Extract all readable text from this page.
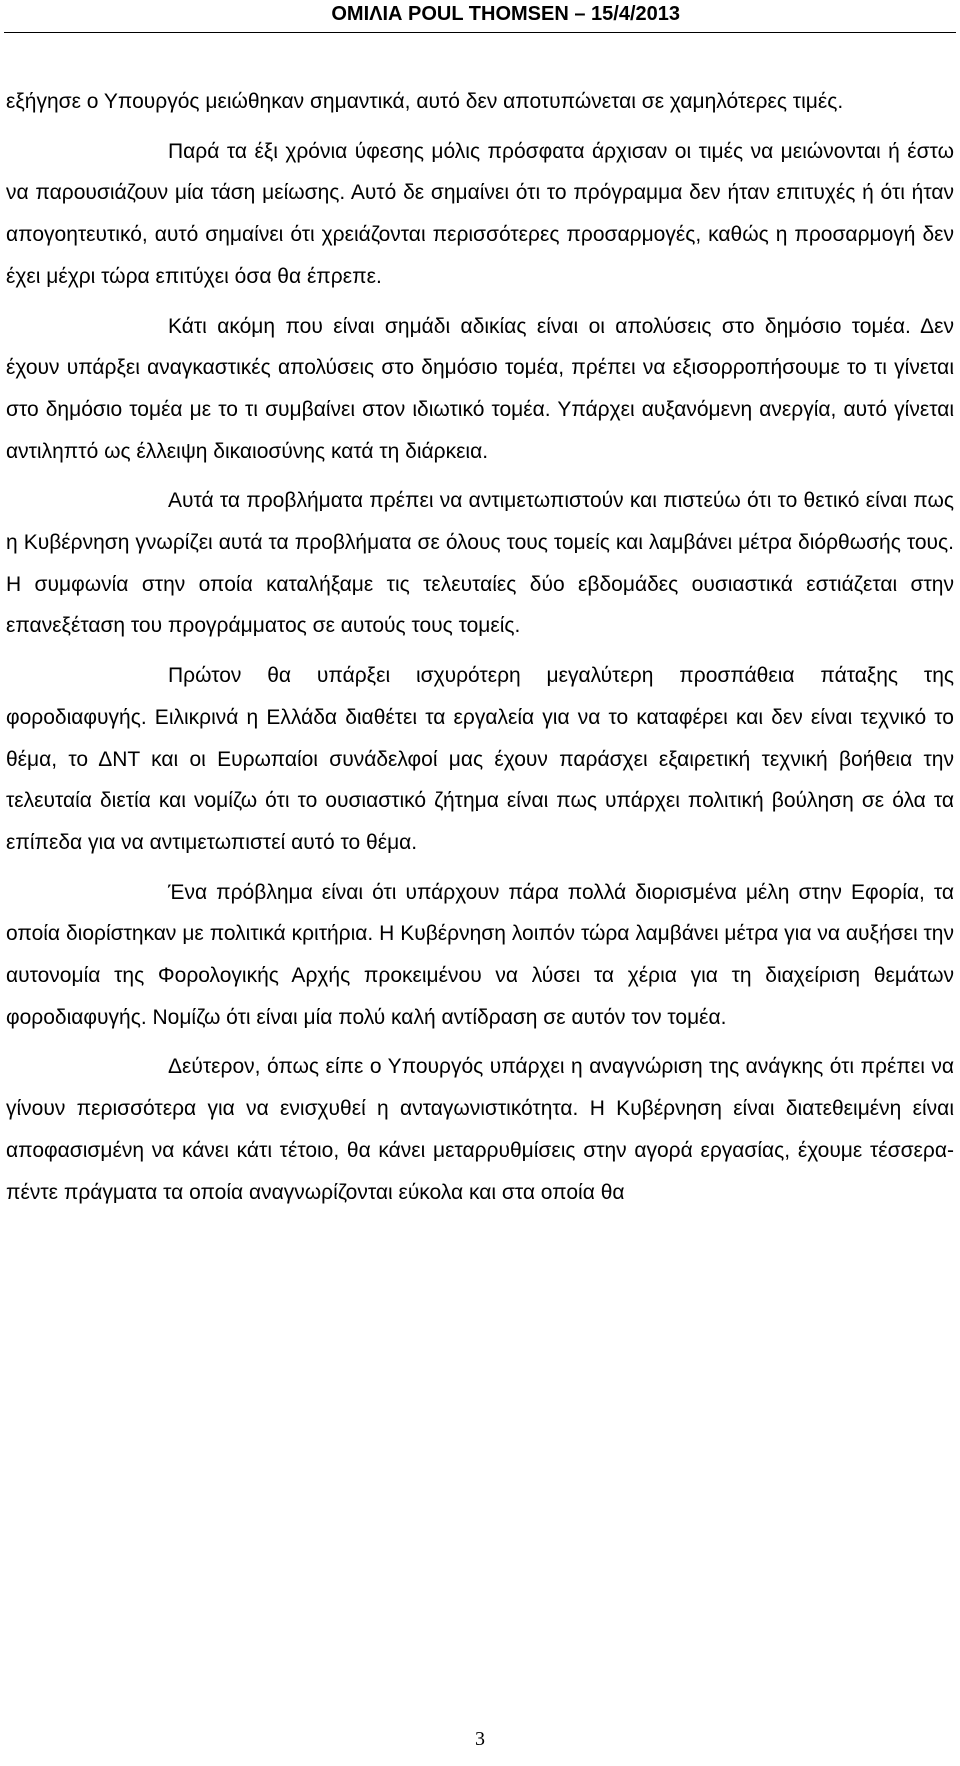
ΟΜΙΛΙΑ POUL THOMSEN – 15/4/2013

εξήγησε ο Υπουργός μειώθηκαν σημαντικά, αυτό δεν αποτυπώνεται σε χαμηλότερες τιμές.

Παρά τα έξι χρόνια ύφεσης μόλις πρόσφατα άρχισαν οι τιμές να μειώνονται ή έστω να παρουσιάζουν μία τάση μείωσης. Αυτό δε σημαίνει ότι το πρόγραμμα δεν ήταν επιτυχές ή ότι ήταν απογοητευτικό, αυτό σημαίνει ότι χρειάζονται περισσότερες προσαρμογές, καθώς η προσαρμογή δεν έχει μέχρι τώρα επιτύχει όσα θα έπρεπε.

Κάτι ακόμη που είναι σημάδι αδικίας είναι οι απολύσεις στο δημόσιο τομέα. Δεν έχουν υπάρξει αναγκαστικές απολύσεις στο δημόσιο τομέα, πρέπει να εξισορροπήσουμε το τι γίνεται στο δημόσιο τομέα με το τι συμβαίνει στον ιδιωτικό τομέα. Υπάρχει αυξανόμενη ανεργία, αυτό γίνεται αντιληπτό ως έλλειψη δικαιοσύνης κατά τη διάρκεια.

Αυτά τα προβλήματα πρέπει να αντιμετωπιστούν και πιστεύω ότι το θετικό είναι πως η Κυβέρνηση γνωρίζει αυτά τα προβλήματα σε όλους τους τομείς και λαμβάνει μέτρα διόρθωσής τους. Η συμφωνία στην οποία καταλήξαμε τις τελευταίες δύο εβδομάδες ουσιαστικά εστιάζεται στην επανεξέταση του προγράμματος σε αυτούς τους τομείς.

Πρώτον θα υπάρξει ισχυρότερη μεγαλύτερη προσπάθεια πάταξης της φοροδιαφυγής. Ειλικρινά η Ελλάδα διαθέτει τα εργαλεία για να το καταφέρει και δεν είναι τεχνικό το θέμα, το ΔΝΤ και οι Ευρωπαίοι συνάδελφοί μας έχουν παράσχει εξαιρετική τεχνική βοήθεια την τελευταία διετία και νομίζω ότι το ουσιαστικό ζήτημα είναι πως υπάρχει πολιτική βούληση σε όλα τα επίπεδα για να αντιμετωπιστεί αυτό το θέμα.

Ένα πρόβλημα είναι ότι υπάρχουν πάρα πολλά διορισμένα μέλη στην Εφορία, τα οποία διορίστηκαν με πολιτικά κριτήρια. Η Κυβέρνηση λοιπόν τώρα λαμβάνει μέτρα για να αυξήσει την αυτονομία της Φορολογικής Αρχής προκειμένου να λύσει τα χέρια για τη διαχείριση θεμάτων φοροδιαφυγής. Νομίζω ότι είναι μία πολύ καλή αντίδραση σε αυτόν τον τομέα.

Δεύτερον, όπως είπε ο Υπουργός υπάρχει η αναγνώριση της ανάγκης ότι πρέπει να γίνουν περισσότερα για να ενισχυθεί η ανταγωνιστικότητα. Η Κυβέρνηση είναι διατεθειμένη είναι αποφασισμένη να κάνει κάτι τέτοιο, θα κάνει μεταρρυθμίσεις στην αγορά εργασίας, έχουμε τέσσερα-πέντε πράγματα τα οποία αναγνωρίζονται εύκολα και στα οποία θα

3
